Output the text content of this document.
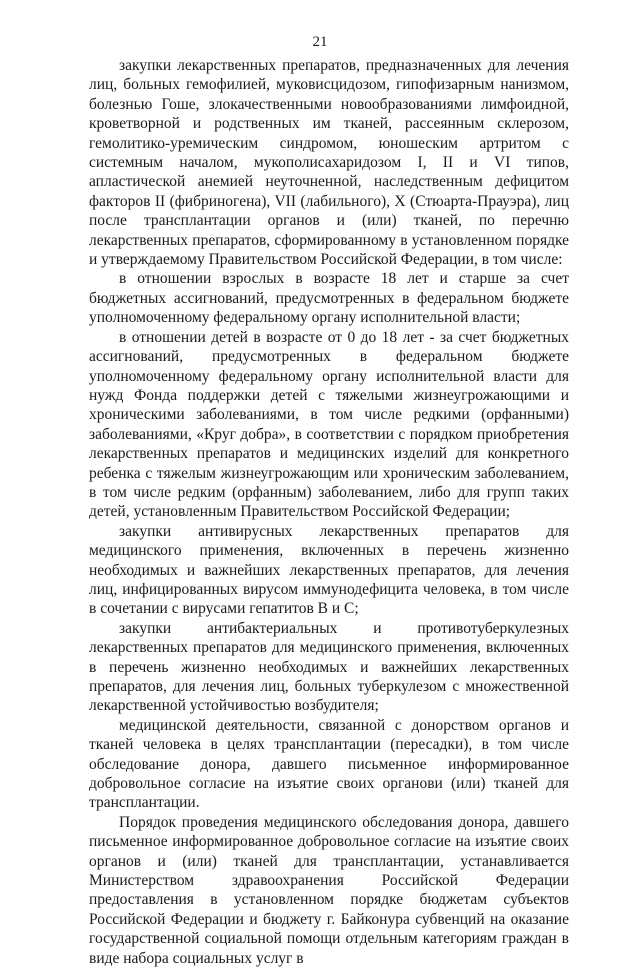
21

закупки лекарственных препаратов, предназначенных для лечения лиц, больных гемофилией, муковисцидозом, гипофизарным нанизмом, болезнью Гоше, злокачественными новообразованиями лимфоидной, кроветворной и родственных им тканей, рассеянным склерозом, гемолитико-уремическим синдромом, юношеским артритом с системным началом, мукополисахаридозом I, II и VI типов, апластической анемией неуточненной, наследственным дефицитом факторов II (фибриногена), VII (лабильного), X (Стюарта-Прауэра), лиц после трансплантации органов и (или) тканей, по перечню лекарственных препаратов, сформированному в установленном порядке и утверждаемому Правительством Российской Федерации, в том числе:

в отношении взрослых в возрасте 18 лет и старше за счет бюджетных ассигнований, предусмотренных в федеральном бюджете уполномоченному федеральному органу исполнительной власти;

в отношении детей в возрасте от 0 до 18 лет - за счет бюджетных ассигнований, предусмотренных в федеральном бюджете уполномоченному федеральному органу исполнительной власти для нужд Фонда поддержки детей с тяжелыми жизнеугрожающими и хроническими заболеваниями, в том числе редкими (орфанными) заболеваниями, «Круг добра», в соответствии с порядком приобретения лекарственных препаратов и медицинских изделий для конкретного ребенка с тяжелым жизнеугрожающим или хроническим заболеванием, в том числе редким (орфанным) заболеванием, либо для групп таких детей, установленным Правительством Российской Федерации;

закупки антивирусных лекарственных препаратов для медицинского применения, включенных в перечень жизненно необходимых и важнейших лекарственных препаратов, для лечения лиц, инфицированных вирусом иммунодефицита человека, в том числе в сочетании с вирусами гепатитов B и C;

закупки антибактериальных и противотуберкулезных лекарственных препаратов для медицинского применения, включенных в перечень жизненно необходимых и важнейших лекарственных препаратов, для лечения лиц, больных туберкулезом с множественной лекарственной устойчивостью возбудителя;

медицинской деятельности, связанной с донорством органов и тканей человека в целях трансплантации (пересадки), в том числе обследование донора, давшего письменное информированное добровольное согласие на изъятие своих органови (или) тканей для трансплантации.

Порядок проведения медицинского обследования донора, давшего письменное информированное добровольное согласие на изъятие своих органов и (или) тканей для трансплантации, устанавливается Министерством здравоохранения Российской Федерации предоставления в установленном порядке бюджетам субъектов Российской Федерации и бюджету г. Байконура субвенций на оказание государственной социальной помощи отдельным категориям граждан в виде набора социальных услуг в
